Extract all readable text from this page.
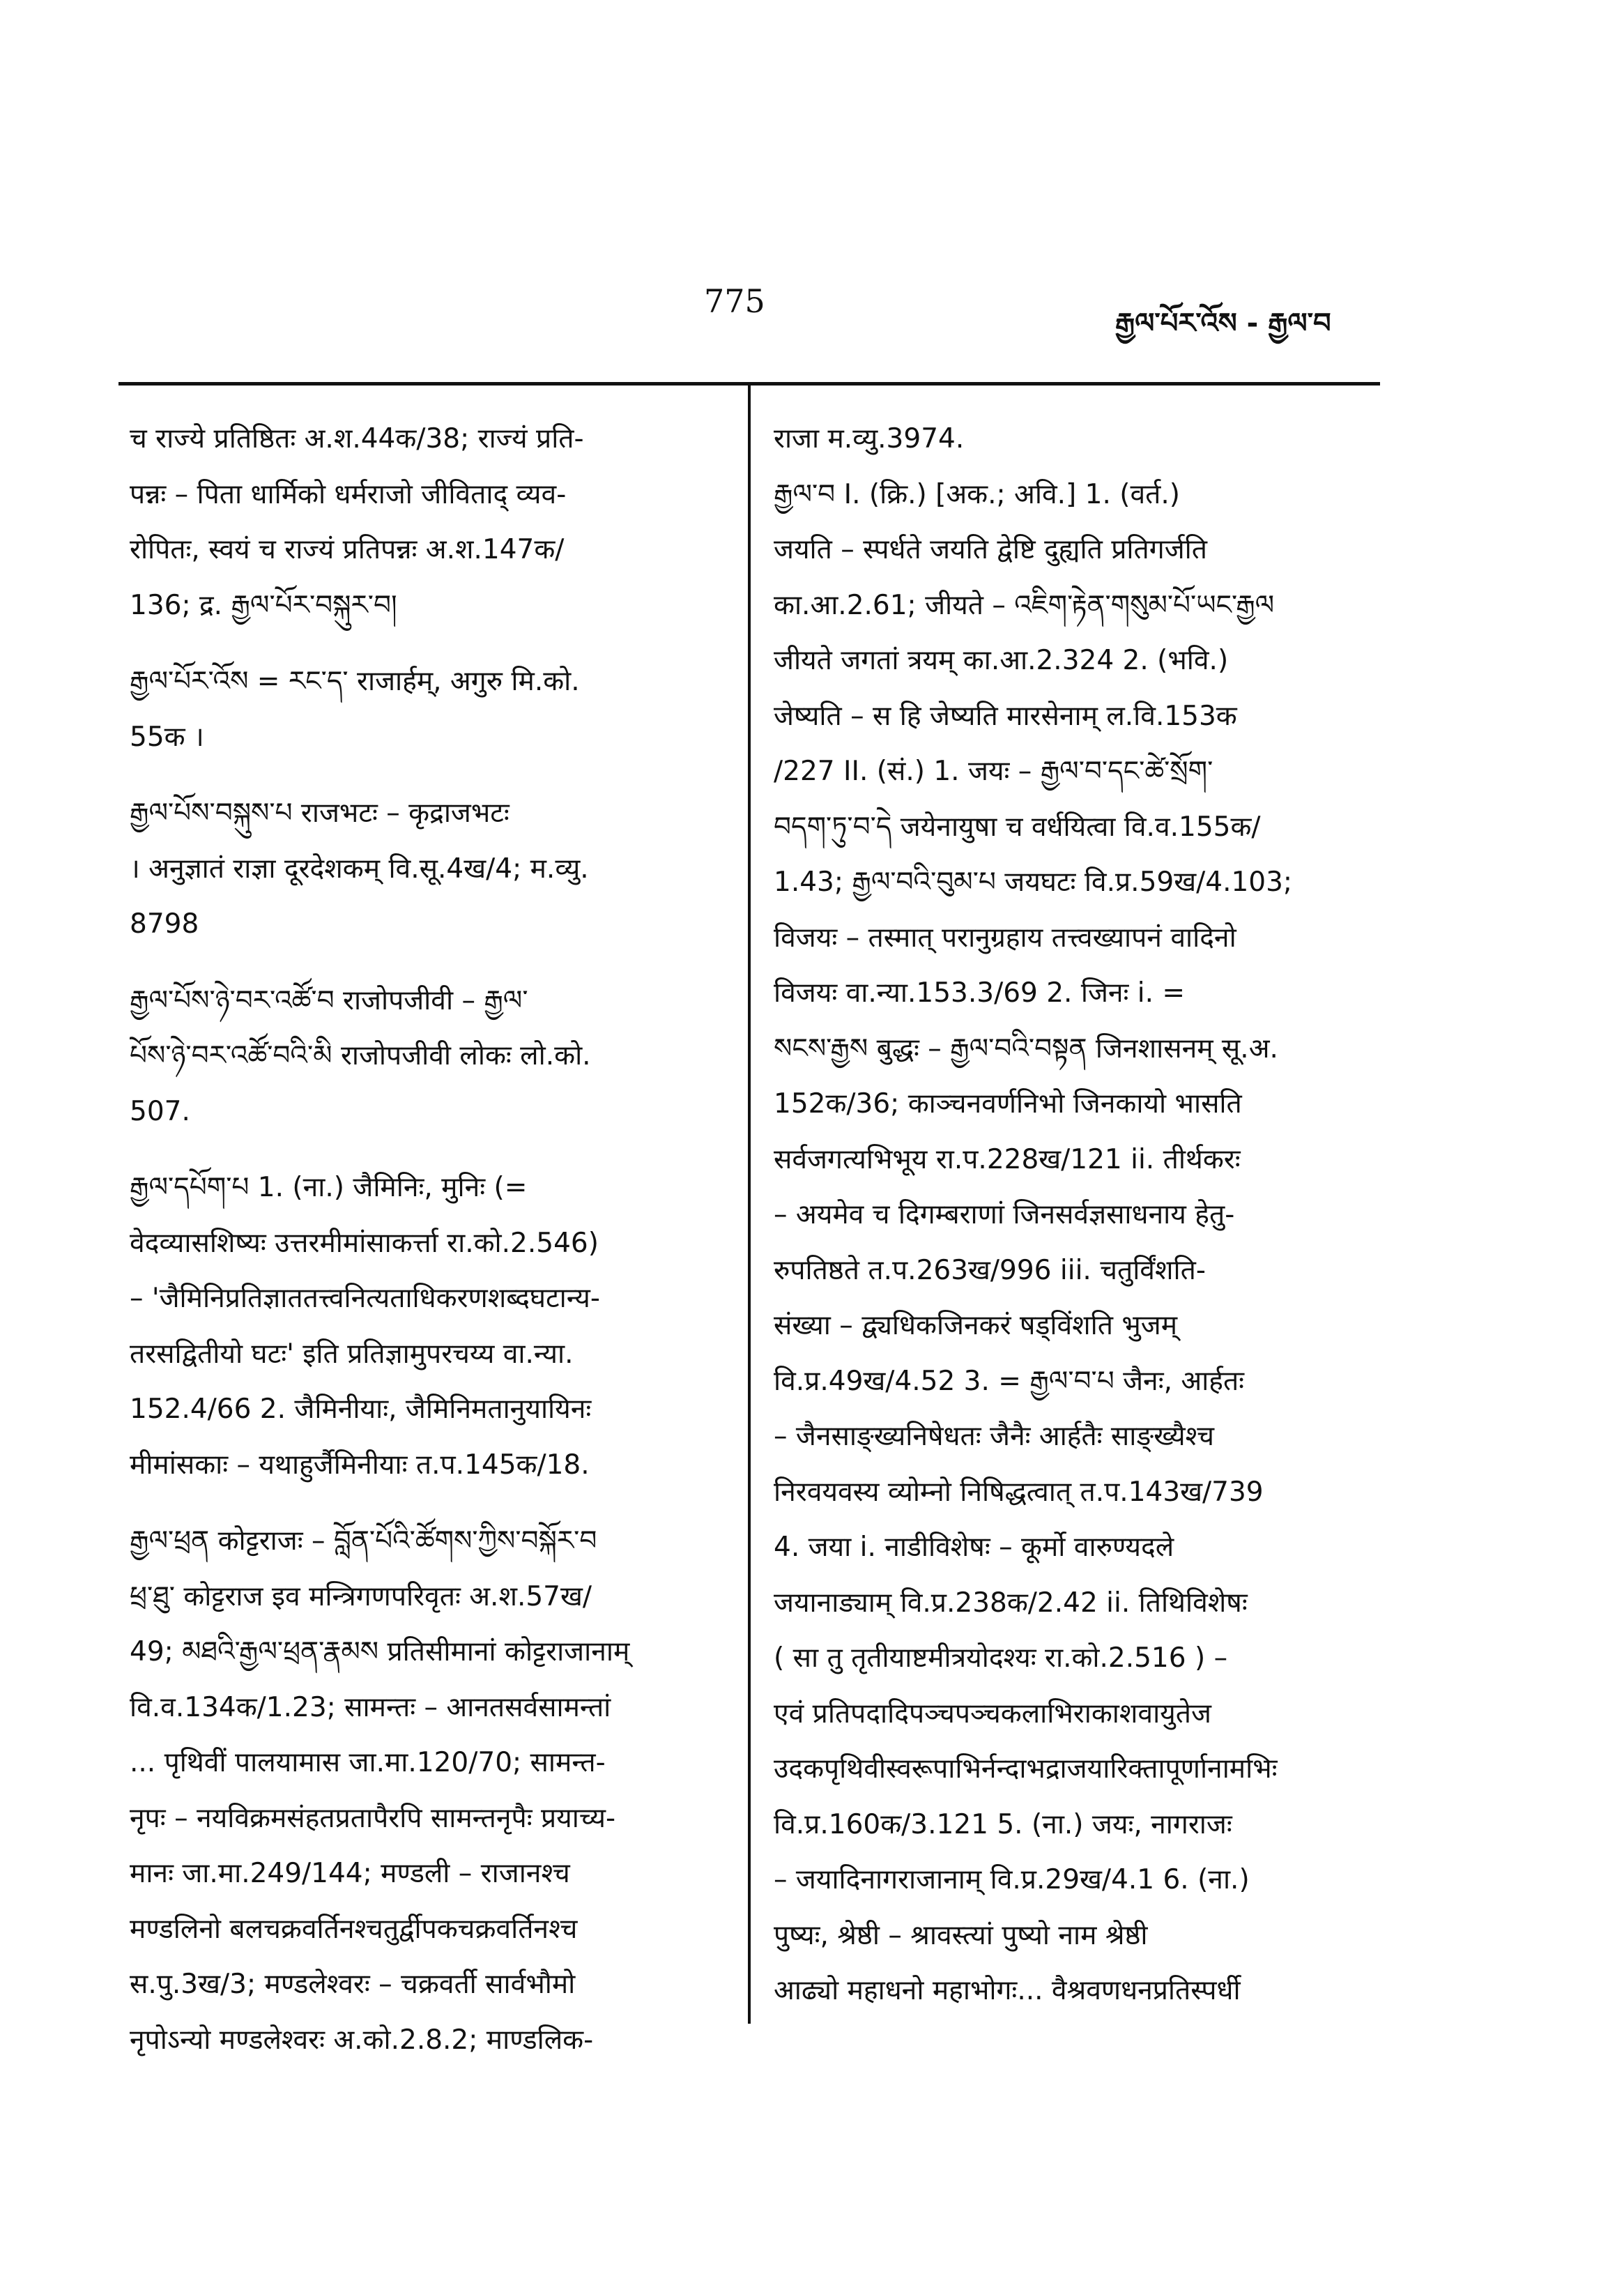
775
རྒྱལ་པོར་འོས - རྒྱལ་བ
च राज्ये प्रतिष्ठितः अ.श.44क/38; राज्यं प्रति-
पन्नः – पिता धार्मिको धर्मराजो जीविताद् व्यव-
रोपितः, स्वयं च राज्यं प्रतिपन्नः अ.श.147क/
136; द्र. རྒྱལ་པོར་བསྐུར་བ།
རྒྱལ་པོར་འོས = རང་ད་ राजार्हम्, अगुरु मि.को.
55क ।
རྒྱལ་པོས་བསྐུས་པ राजभटः – कृद्राजभटः
। अनुज्ञातं राज्ञा दूरदेशकम् वि.सू.4ख/4; म.व्यु.
8798
རྒྱལ་པོས་ཉེ་བར་འཚོ་བ राजोपजीवी – རྒྱལ་
པོས་ཉེ་བར་འཚོ་བའི་མི राजोपजीवी लोकः लो.को.
507.
རྒྱལ་དཔོག་པ 1. (ना.) जैमिनिः, मुनिः (=
वेदव्यासशिष्यः उत्तरमीमांसाकर्त्ता रा.को.2.546)
– 'जैमिनिप्रतिज्ञाततत्त्वनित्यताधिकरणशब्दघटान्य-
तरसद्वितीयो घटः' इति प्रतिज्ञामुपरचय्य वा.न्या.
152.4/66 2. जैमिनीयाः, जैमिनिमतानुयायिनः
मीमांसकाः – यथाहुर्जैमिनीयाः त.प.145क/18.
རྒྱལ་ཕྲན कोट्टराजः – བློན་པོའི་ཚོགས་ཀྱིས་བསྐོར་བ
ཕྲ་ཐུ་ कोट्टराज इव मन्त्रिगणपरिवृतः अ.श.57ख/
49; མཐའི་རྒྱལ་ཕྲན་རྣམས प्रतिसीमानां कोट्टराजानाम्
वि.व.134क/1.23; सामन्तः – आनतसर्वसामन्तां
... पृथिवीं पालयामास जा.मा.120/70; सामन्त-
नृपः – नयविक्रमसंहतप्रतापैरपि सामन्तनृपैः प्रयाच्य-
मानः जा.मा.249/144; मण्डली – राजानश्च
मण्डलिनो बलचक्रवर्तिनश्चतुर्द्वीपकचक्रवर्तिनश्च
स.पु.3ख/3; मण्डलेश्वरः – चक्रवर्ती सार्वभौमो
नृपोऽन्यो मण्डलेश्वरः अ.को.2.8.2; माण्डलिक-
राजा म.व्यु.3974.
རྒྱལ་བ I. (क्रि.) [अक.; अवि.] 1. (वर्त.)
जयति – स्पर्धते जयति द्वेष्टि दुह्यति प्रतिगर्जति
का.आ.2.61; जीयते – འཇིག་རྟེན་གསུམ་པོ་ཡང་རྒྱལ
जीयते जगतां त्रयम् का.आ.2.324 2. (भवि.)
जेष्यति – स हि जेष्यति मारसेनाम् ल.वि.153क
/227 II. (सं.) 1. जयः – རྒྱལ་བ་དང་ཚེ་སྲོག་
བདག་ཏུ་བ་དེ जयेनायुषा च वर्धयित्वा वि.व.155क/
1.43; རྒྱལ་བའི་བུམ་པ जयघटः वि.प्र.59ख/4.103;
विजयः – तस्मात् परानुग्रहाय तत्त्वख्यापनं वादिनो
विजयः वा.न्या.153.3/69 2. जिनः i. =
སངས་རྒྱས बुद्धः – རྒྱལ་བའི་བསྟན जिनशासनम् सू.अ.
152क/36; काञ्चनवर्णनिभो जिनकायो भासति
सर्वजगत्यभिभूय रा.प.228ख/121 ii. तीर्थकरः
– अयमेव च दिगम्बराणां जिनसर्वज्ञसाधनाय हेतु-
रुपतिष्ठते त.प.263ख/996 iii. चतुर्विंशति-
संख्या – द्व्यधिकजिनकरं षड्विंशति भुजम्
वि.प्र.49ख/4.52 3. = རྒྱལ་བ་པ जैनः, आर्हतः
– जैनसाङ्ख्यनिषेधतः जैनैः आर्हतैः साङ्ख्यैश्च
निरवयवस्य व्योम्नो निषिद्धत्वात् त.प.143ख/739
4. जया i. नाडीविशेषः – कूर्मो वारुण्यदले
जयानाड्याम् वि.प्र.238क/2.42 ii. तिथिविशेषः
( सा तु तृतीयाष्टमीत्रयोदश्यः रा.को.2.516 ) –
एवं प्रतिपदादिपञ्चपञ्चकलाभिराकाशवायुतेज
उदकपृथिवीस्वरूपाभिर्नन्दाभद्राजयारिक्तापूर्णानामभिः
वि.प्र.160क/3.121 5. (ना.) जयः, नागराजः
– जयादिनागराजानाम् वि.प्र.29ख/4.1 6. (ना.)
पुष्यः, श्रेष्ठी – श्रावस्त्यां पुष्यो नाम श्रेष्ठी
आढ्यो महाधनो महाभोगः... वैश्रवणधनप्रतिस्पर्धी
